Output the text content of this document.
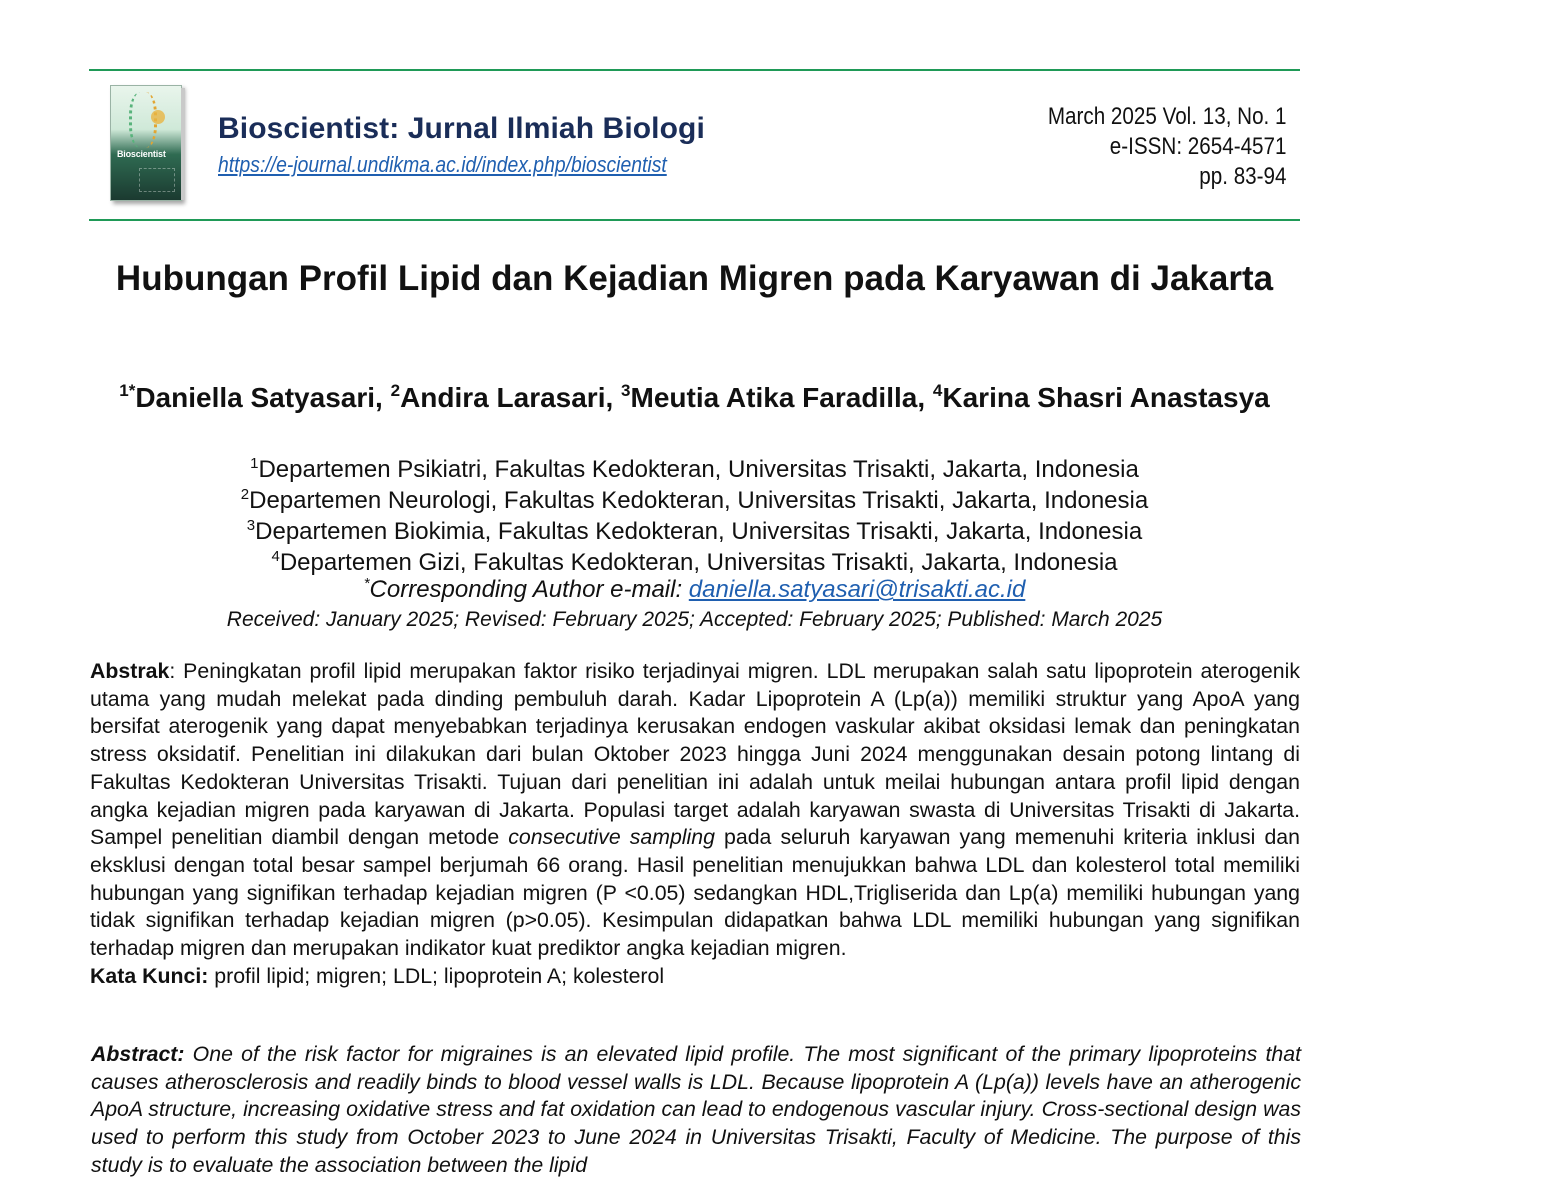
Bioscientist
Bioscientist: Jurnal Ilmiah Biologi
https://e-journal.undikma.ac.id/index.php/bioscientist
March 2025 Vol. 13, No. 1
e-ISSN: 2654-4571
pp. 83-94
Hubungan Profil Lipid dan Kejadian Migren pada Karyawan di Jakarta
$^{1*}$Daniella Satyasari, $^2$Andira Larasari, $^3$Meutia Atika Faradilla, $^4$Karina Shasri Anastasya
$^1$Departemen Psikiatri, Fakultas Kedokteran, Universitas Trisakti, Jakarta, Indonesia
$^2$Departemen Neurologi, Fakultas Kedokteran, Universitas Trisakti, Jakarta, Indonesia
$^3$Departemen Biokimia, Fakultas Kedokteran, Universitas Trisakti, Jakarta, Indonesia
$^4$Departemen Gizi, Fakultas Kedokteran, Universitas Trisakti, Jakarta, Indonesia
*Corresponding Author e-mail: daniella.satyasari@trisakti.ac.id
Received: January 2025; Revised: February 2025; Accepted: February 2025; Published: March 2025
Abstrak: Peningkatan profil lipid merupakan faktor risiko terjadinyai migren. LDL merupakan salah satu lipoprotein aterogenik utama yang mudah melekat pada dinding pembuluh darah. Kadar Lipoprotein A (Lp(a)) memiliki struktur yang ApoA yang bersifat aterogenik yang dapat menyebabkan terjadinya kerusakan endogen vaskular akibat oksidasi lemak dan peningkatan stress oksidatif. Penelitian ini dilakukan dari bulan Oktober 2023 hingga Juni 2024 menggunakan desain potong lintang di Fakultas Kedokteran Universitas Trisakti. Tujuan dari penelitian ini adalah untuk meilai hubungan antara profil lipid dengan angka kejadian migren pada karyawan di Jakarta. Populasi target adalah karyawan swasta di Universitas Trisakti di Jakarta. Sampel penelitian diambil dengan metode consecutive sampling pada seluruh karyawan yang memenuhi kriteria inklusi dan eksklusi dengan total besar sampel berjumah 66 orang. Hasil penelitian menujukkan bahwa LDL dan kolesterol total memiliki hubungan yang signifikan terhadap kejadian migren (P <0.05) sedangkan HDL,Trigliserida dan Lp(a) memiliki hubungan yang tidak signifikan terhadap kejadian migren (p>0.05). Kesimpulan didapatkan bahwa LDL memiliki hubungan yang signifikan terhadap migren dan merupakan indikator kuat prediktor angka kejadian migren.
Kata Kunci: profil lipid; migren; LDL; lipoprotein A; kolesterol
Abstract: One of the risk factor for migraines is an elevated lipid profile. The most significant of the primary lipoproteins that causes atherosclerosis and readily binds to blood vessel walls is LDL. Because lipoprotein A (Lp(a)) levels have an atherogenic ApoA structure, increasing oxidative stress and fat oxidation can lead to endogenous vascular injury. Cross-sectional design was used to perform this study from October 2023 to June 2024 in Universitas Trisakti, Faculty of Medicine. The purpose of this study is to evaluate the association between the lipid
